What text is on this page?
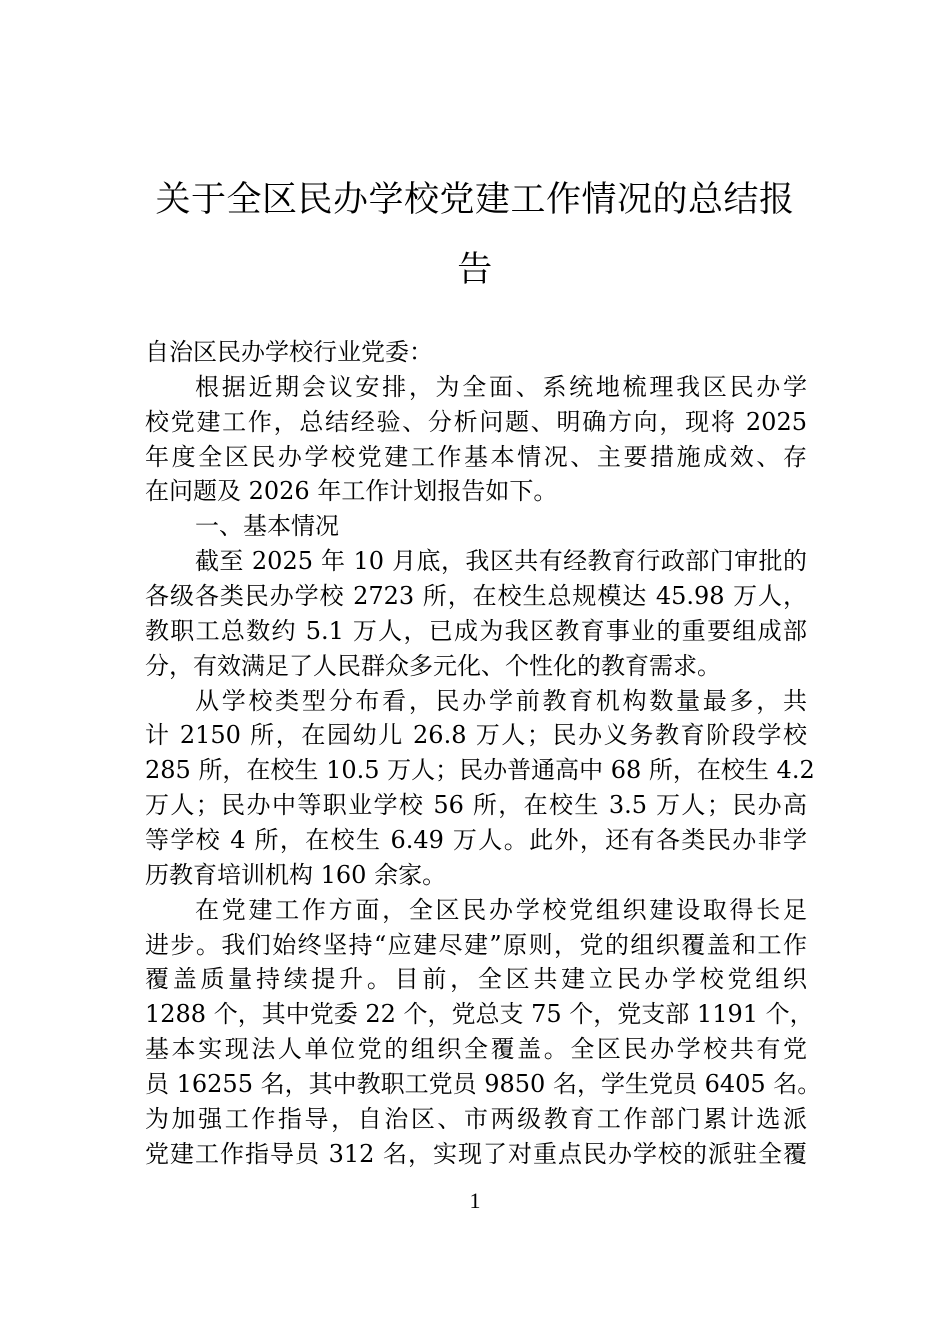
关于全区民办学校党建工作情况的总结报
告
自治区民办学校行业党委：
根据近期会议安排，为全面、系统地梳理我区民办学
校党建工作，总结经验、分析问题、明确方向，现将 2025
年度全区民办学校党建工作基本情况、主要措施成效、存
在问题及 2026 年工作计划报告如下。
一、基本情况
截至 2025 年 10 月底，我区共有经教育行政部门审批的
各级各类民办学校 2723 所，在校生总规模达 45.98 万人，
教职工总数约 5.1 万人，已成为我区教育事业的重要组成部
分，有效满足了人民群众多元化、个性化的教育需求。
从学校类型分布看，民办学前教育机构数量最多，共
计 2150 所，在园幼儿 26.8 万人；民办义务教育阶段学校
285 所，在校生 10.5 万人；民办普通高中 68 所，在校生 4.2
万人；民办中等职业学校 56 所，在校生 3.5 万人；民办高
等学校 4 所，在校生 6.49 万人。此外，还有各类民办非学
历教育培训机构 160 余家。
在党建工作方面，全区民办学校党组织建设取得长足
进步。我们始终坚持“应建尽建”原则，党的组织覆盖和工作
覆盖质量持续提升。目前，全区共建立民办学校党组织
1288 个，其中党委 22 个，党总支 75 个，党支部 1191 个，
基本实现法人单位党的组织全覆盖。全区民办学校共有党
员 16255 名，其中教职工党员 9850 名，学生党员 6405 名。
为加强工作指导，自治区、市两级教育工作部门累计选派
党建工作指导员 312 名，实现了对重点民办学校的派驻全覆
1
